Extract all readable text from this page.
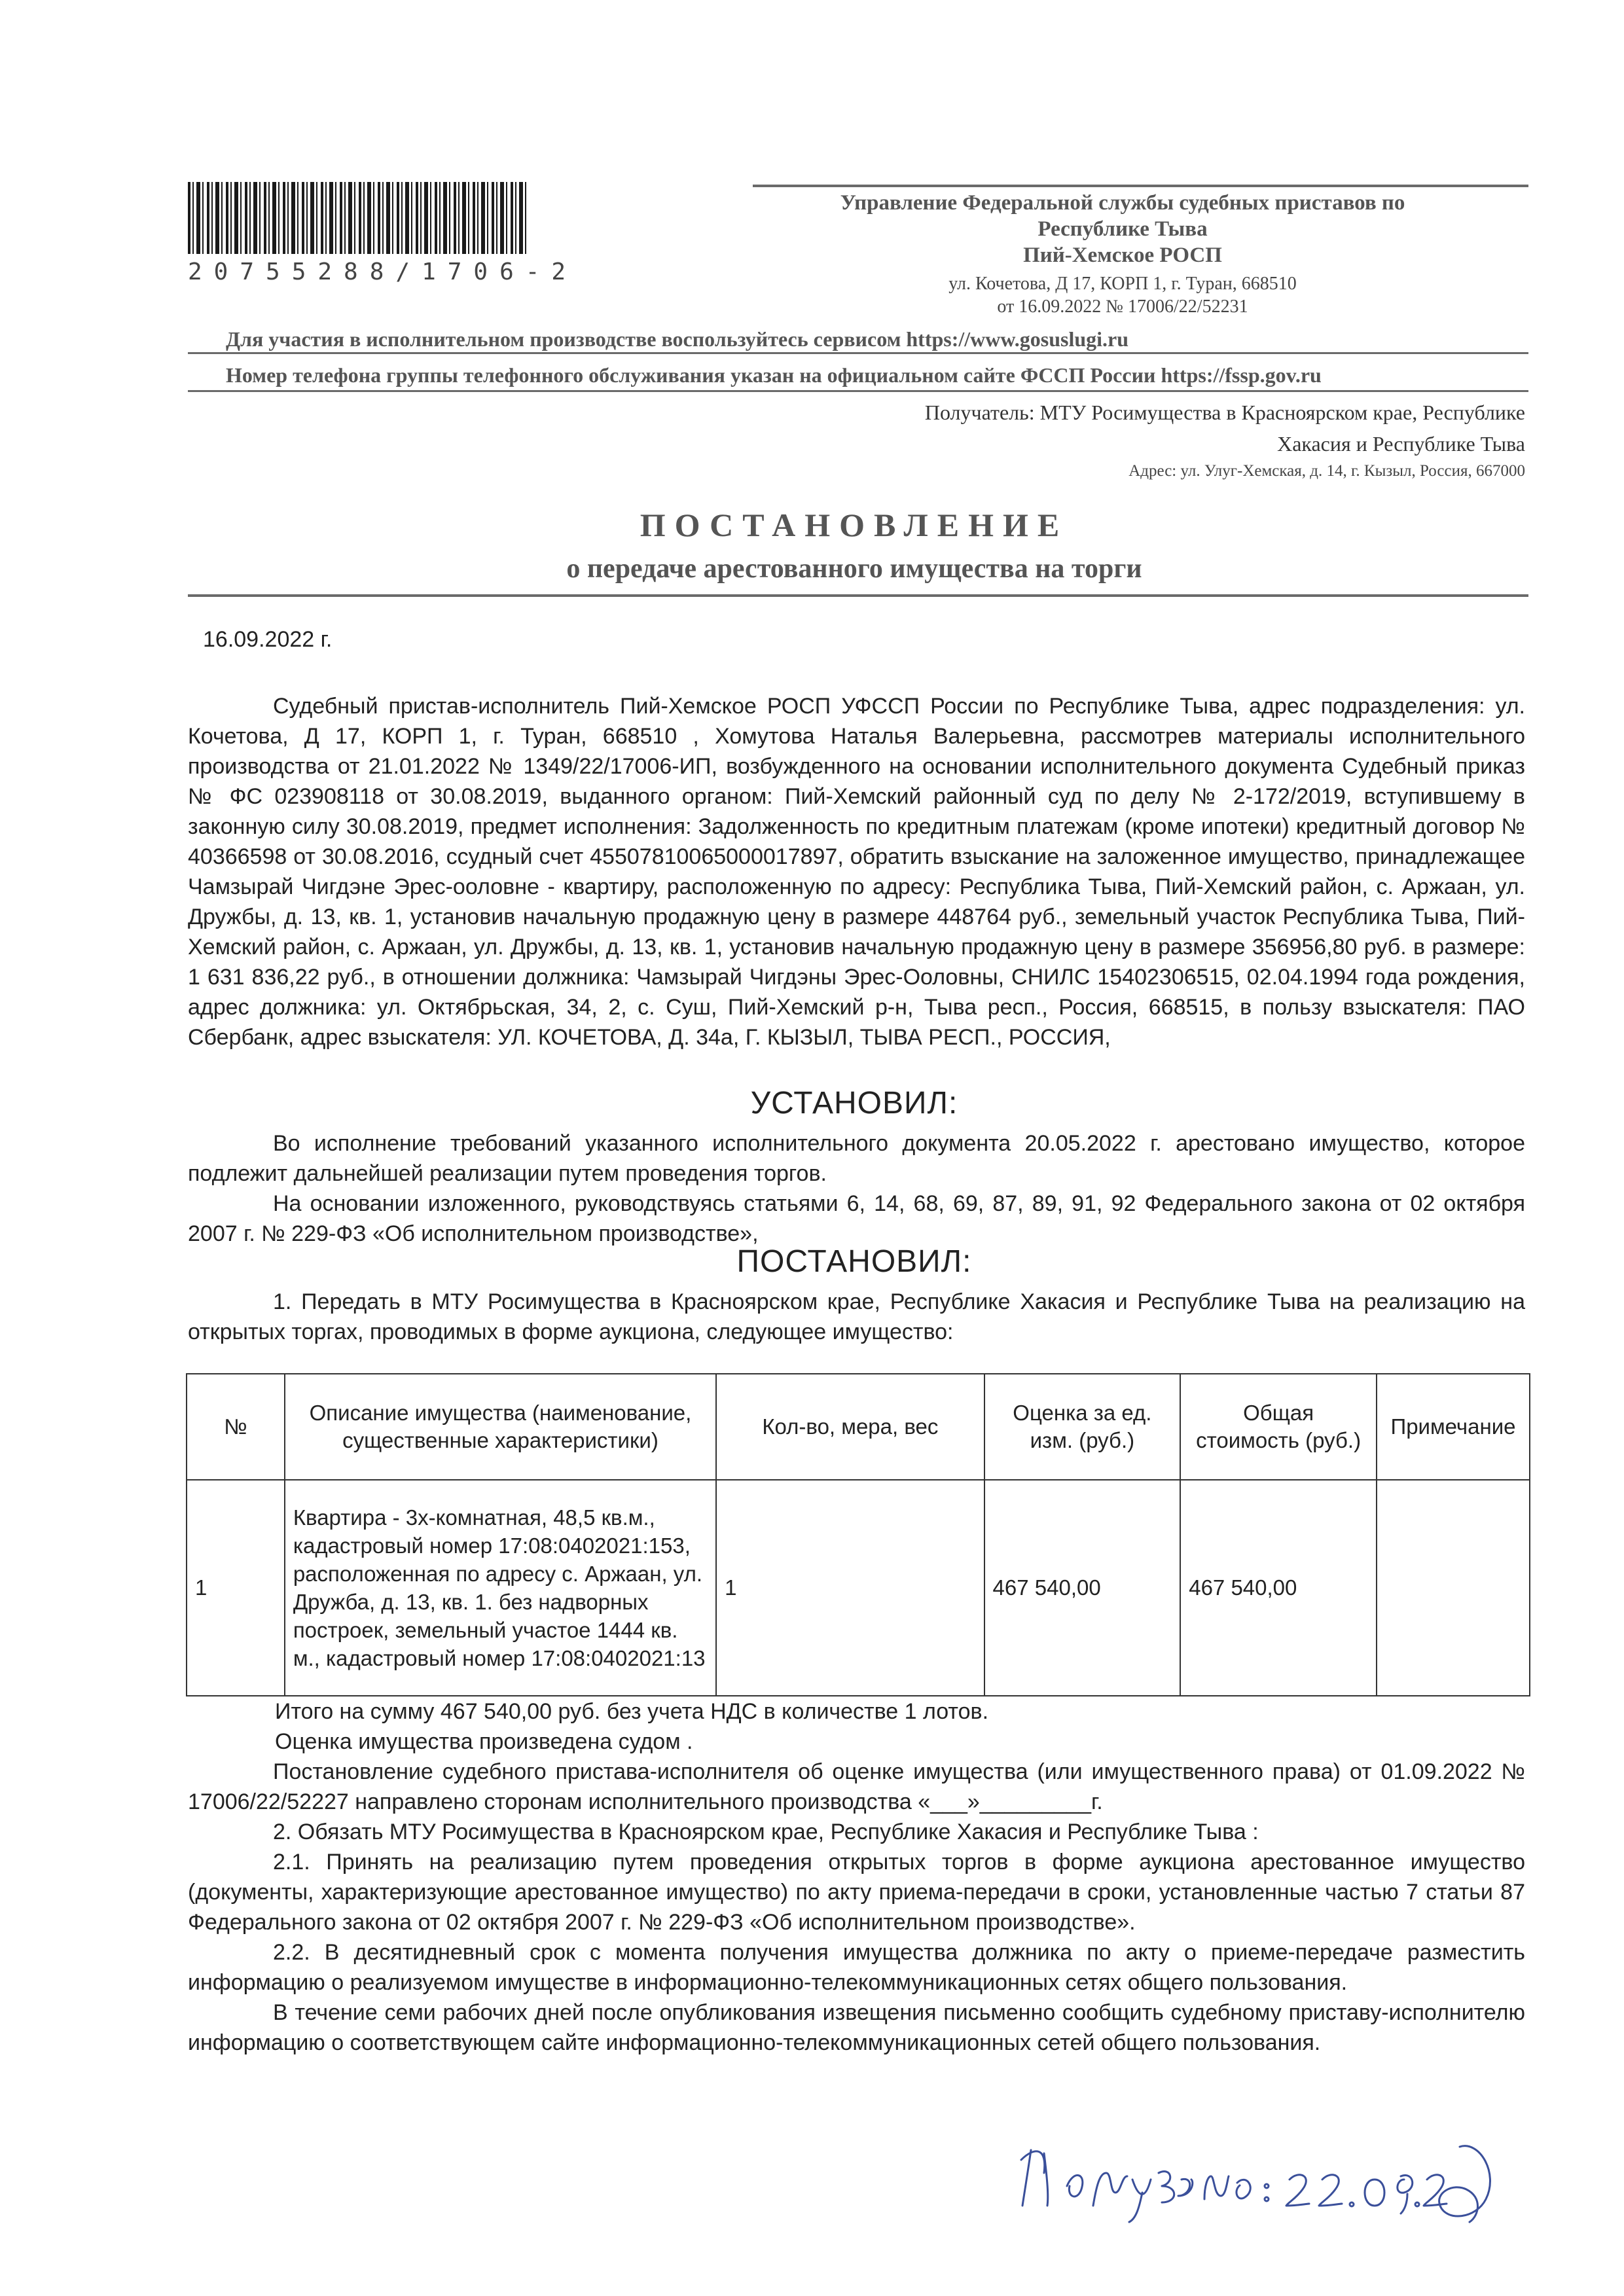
20755288/1706-2
Управление Федеральной службы судебных приставов по
Республике Тыва
Пий-Хемское РОСП
ул. Кочетова, Д 17, КОРП 1, г. Туран, 668510
от 16.09.2022 № 17006/22/52231
Для участия в исполнительном производстве воспользуйтесь сервисом https://www.gosuslugi.ru
Номер телефона группы телефонного обслуживания указан на официальном сайте ФССП России https://fssp.gov.ru
Получатель: МТУ Росимущества в Красноярском крае, Республике
Хакасия и Республике Тыва
Адрес: ул. Улуг-Хемская, д. 14, г. Кызыл, Россия, 667000
ПОСТАНОВЛЕНИЕ
о передаче арестованного имущества на торги
16.09.2022 г.
Судебный пристав-исполнитель Пий-Хемское РОСП УФССП России по Республике Тыва, адрес подразделения: ул. Кочетова, Д 17, КОРП 1, г. Туран, 668510 , Хомутова Наталья Валерьевна, рассмотрев материалы исполнительного производства от 21.01.2022 № 1349/22/17006-ИП, возбужденного на основании исполнительного документа Судебный приказ № ФС 023908118 от 30.08.2019, выданного органом: Пий-Хемский районный суд по делу № 2-172/2019, вступившему в законную силу 30.08.2019, предмет исполнения: Задолженность по кредитным платежам (кроме ипотеки) кредитный договор № 40366598 от 30.08.2016, ссудный счет 45507810065000017897, обратить взыскание на заложенное имущество, принадлежащее Чамзырай Чигдэне Эрес-ооловне - квартиру, расположенную по адресу: Республика Тыва, Пий-Хемский район, с. Аржаан, ул. Дружбы, д. 13, кв. 1, установив начальную продажную цену в размере 448764 руб., земельный участок Республика Тыва, Пий-Хемский район, с. Аржаан, ул. Дружбы, д. 13, кв. 1, установив начальную продажную цену в размере 356956,80 руб. в размере: 1 631 836,22 руб., в отношении должника: Чамзырай Чигдэны Эрес-Ооловны, СНИЛС 15402306515, 02.04.1994 года рождения, адрес должника: ул. Октябрьская, 34, 2, с. Суш, Пий-Хемский р-н, Тыва респ., Россия, 668515, в пользу взыскателя: ПАО Сбербанк, адрес взыскателя: УЛ. КОЧЕТОВА, Д. 34а, Г. КЫЗЫЛ, ТЫВА РЕСП., РОССИЯ,
УСТАНОВИЛ:
Во исполнение требований указанного исполнительного документа 20.05.2022 г. арестовано имущество, которое подлежит дальнейшей реализации путем проведения торгов.
На основании изложенного, руководствуясь статьями 6, 14, 68, 69, 87, 89, 91, 92 Федерального закона от 02 октября 2007 г. № 229-ФЗ «Об исполнительном производстве»,
ПОСТАНОВИЛ:
1. Передать в МТУ Росимущества в Красноярском крае, Республике Хакасия и Республике Тыва на реализацию на открытых торгах, проводимых в форме аукциона, следующее имущество:
№	Описание имущества (наименование, существенные характеристики)	Кол-во, мера, вес	Оценка за ед. изм. (руб.)	Общая стоимость (руб.)	Примечание
1	Квартира - 3х-комнатная, 48,5 кв.м., кадастровый номер 17:08:0402021:153, расположенная по адресу с. Аржаан, ул. Дружба, д. 13, кв. 1. без надворных построек, земельный участое 1444 кв. м., кадастровый номер 17:08:0402021:13	1	467 540,00	467 540,00	
Итого на сумму 467 540,00 руб. без учета НДС в количестве 1 лотов.
Оценка имущества произведена судом .
Постановление судебного пристава-исполнителя об оценке имущества (или имущественного права) от 01.09.2022 № 17006/22/52227 направлено сторонам исполнительного производства «___»_________г.
2. Обязать МТУ Росимущества в Красноярском крае, Республике Хакасия и Республике Тыва :
2.1. Принять на реализацию путем проведения открытых торгов в форме аукциона арестованное имущество (документы, характеризующие арестованное имущество) по акту приема-передачи в сроки, установленные частью 7 статьи 87 Федерального закона от 02 октября 2007 г. № 229-ФЗ «Об исполнительном производстве».
2.2. В десятидневный срок с момента получения имущества должника по акту о приеме-передаче разместить информацию о реализуемом имуществе в информационно-телекоммуникационных сетях общего пользования.
В течение семи рабочих дней после опубликования извещения письменно сообщить судебному приставу-исполнителю информацию о соответствующем сайте информационно-телекоммуникационных сетей общего пользования.
